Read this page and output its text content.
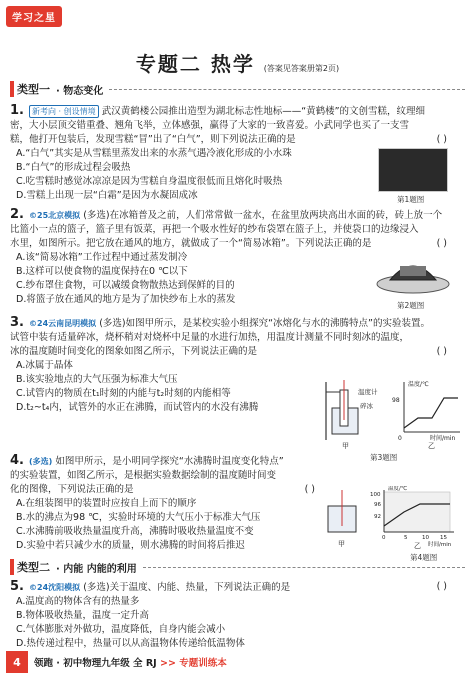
学习之星
专题二 热学 (答案见答案册第2页)
类型一 · 物态变化
1. 新考向 · 创设情境 武汉黄鹤楼公园推出造型为湖北标志性地标——“黄鹤楼”的文创雪糕，纹理细
密，大小层顶交错重叠、翘角飞举，立体感强，赢得了大家的一致喜爱。小武同学也买了一支雪
糕，他打开包装后，发现雪糕“冒”出了“白气”，则下列说法正确的是	( )
A.“白气”其实是从雪糕里蒸发出来的水蒸气遇冷液化形成的小水珠
B.“白气”的形成过程会吸热
C.吃雪糕时感觉冰凉凉是因为雪糕自身温度很低而且熔化时吸热
D.雪糕上出现一层“白霜”是因为水凝固成冰	第1题图
2. ©25北京模拟 (多选)在冰箱普及之前，人们常常做一盆水，在盆里放两块高出水面的砖，砖上放一个
比篮小一点的篮子，篮子里有饭菜，再把一个吸水性好的纱布袋罩在篮子上，并使袋口的边缘浸入
水里，如图所示。把它放在通风的地方，就做成了一个“简易冰箱”。下列说法正确的是	( )
A.该“简易冰箱”工作过程中通过蒸发制冷
B.这样可以使食物的温度保持在0 ℃以下
C.纱布罩住食物，可以减缓食物散热达到保鲜的目的
D.将篮子放在通风的地方是为了加快纱布上水的蒸发
第2题图
3. ©24云南昆明模拟 (多选)如图甲所示，是某校实验小组探究“冰熔化与水的沸腾特点”的实验装置。
试管中装有适量碎冰，烧杯稍对对烧杯中足量的水进行加热，用温度计测量不同时刻冰的温度，
冰的温度随时间变化的图象如图乙所示，下列说法正确的是	( )
A.冰属于晶体
B.该实验地点的大气压强为标准大气压
C.试管内的物质在t₁时刻的内能与t₂时刻的内能相等
D.t₂~t₄内，试管外的水正在沸腾，而试管内的水没有沸腾
温度计
碎冰
甲
98
0
温度/℃
时间/min
乙
第3题图
4. (多选) 如图甲所示，是小明同学探究“水沸腾时温度变化特点”
的实验装置，如图乙所示，是根据实验数据绘制的温度随时间变
化的图像，下列说法正确的是	( )
A.在组装图甲的装置时应按自上而下的顺序
B.水的沸点为98 ℃，实验时环境的大气压小于标准大气压
C.水沸腾前吸收热量温度升高，沸腾时吸收热量温度不变
D.实验中若只减少水的质量，则水沸腾的时间将后推迟	甲
100
96
92
0	5	10 15
温度/℃
时间/min
乙
第4题图
类型二 · 内能 内能的利用
5. ©24沈阳模拟 (多选)关于温度、内能、热量，下列说法正确的是	( )
A.温度高的物体含有的热量多
B.物体吸收热量，温度一定升高
C.气体膨胀对外做功，温度降低，自身内能会减小
D.热传递过程中，热量可以从高温物体传递给低温物体
4	领跑 · 初中物理九年级 全 RJ >> 专题训练本
